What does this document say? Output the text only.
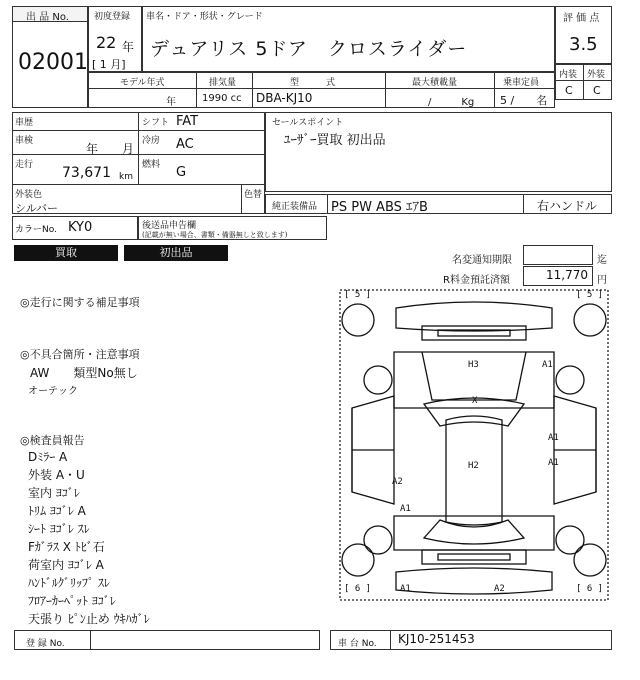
出 品 No.
02001
初度登録
22 年
[ 1 月]
車名・ドア・形状・グレード
デュアリス 5ドア　クロスライダー
評 価 点
3.5
モデル年式
年
排気量
1990 cc
型　　　式
DBA-KJ10
最大積載量
/　　　Kg
乗車定員
5 /　　名
内装 外装
C C
車歴	シフト FAT
車検
年　　月
冷房 AC
走行 73,671 km
燃料 G
外装色
シルバー
色替
カラーNo. KY0	後送品申告欄
(記載が無い場合、書類・備器無しと致します)
セールスポイント
ﾕｰｻﾞｰ買取 初出品
純正装備品 PS PW ABS ｴｱB	右ハンドル
買取	初出品
名変通知期限	迄
R料金預託済額	11,770 円
◎走行に関する補足事項
◎不具合箇所・注意事項
AW　　類型No無し
オーテック
◎検査員報告
Dﾐﾗｰ A
外装 A・U
室内 ﾖｺﾞﾚ
ﾄﾘﾑ ﾖｺﾞﾚ A
ｼｰﾄ ﾖｺﾞﾚ ｽﾚ
Fｶﾞﾗｽ X ﾄﾋﾞ石
荷室内 ﾖｺﾞﾚ A
ﾊﾝﾄﾞﾙｸﾞﾘｯﾌﾟ ｽﾚ
ﾌﾛｱｰｶｰﾍﾟｯﾄ ﾖｺﾞﾚ
天張り ﾋﾟﾝ止め ｳｷﾊｶﾞﾚ
[ 5 ]	[ 5 ]
[ 6 ]	[ 6 ]
H3	A1
X
A1
H2	A1
A2
A1
A1	A2
登 録 No.	車 台 No. KJ10-251453
